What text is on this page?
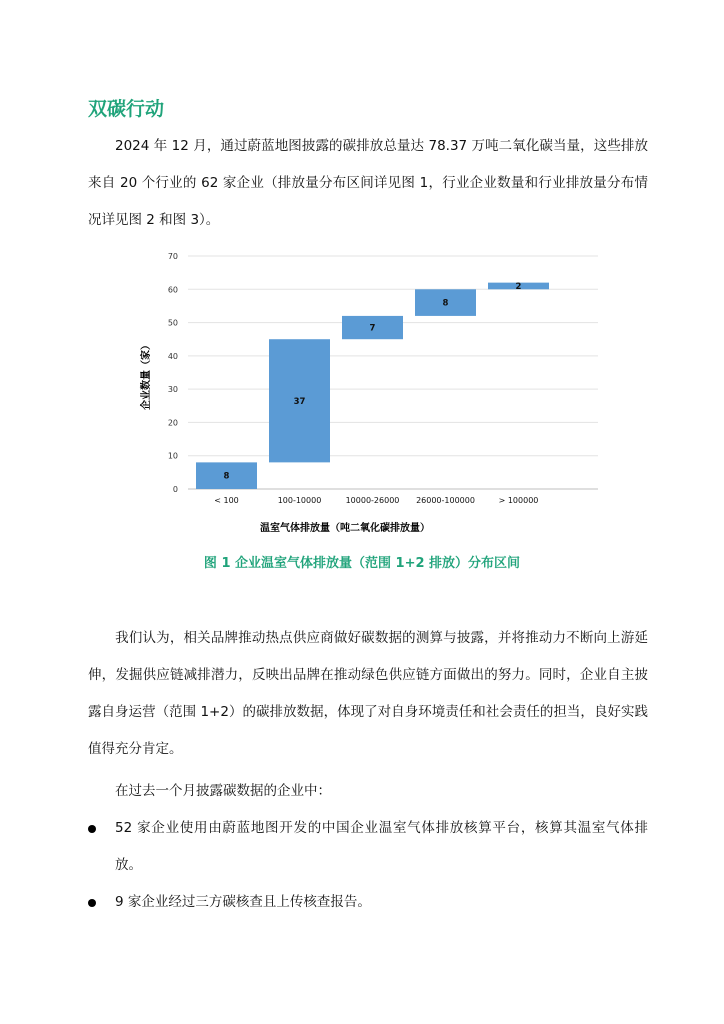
双碳行动

2024 年 12 月，通过蔚蓝地图披露的碳排放总量达 78.37 万吨二氧化碳当量，这些排放来自 20 个行业的 62 家企业（排放量分布区间详见图 1，行业企业数量和行业排放量分布情况详见图 2 和图 3）。

0
10
20
30
40
50
60
70
8
37
7
8
2
< 100	100-10000	10000-26000 26000-100000	> 100000
企业数量（家）
温室气体排放量（吨二氧化碳排放量）

图 1 企业温室气体排放量（范围 1+2 排放）分布区间

我们认为，相关品牌推动热点供应商做好碳数据的测算与披露，并将推动力不断向上游延伸，发掘供应链减排潜力，反映出品牌在推动绿色供应链方面做出的努力。同时，企业自主披露自身运营（范围 1+2）的碳排放数据，体现了对自身环境责任和社会责任的担当，良好实践值得充分肯定。

在过去一个月披露碳数据的企业中：

52 家企业使用由蔚蓝地图开发的中国企业温室气体排放核算平台，核算其温室气体排放。
9 家企业经过三方碳核查且上传核查报告。
